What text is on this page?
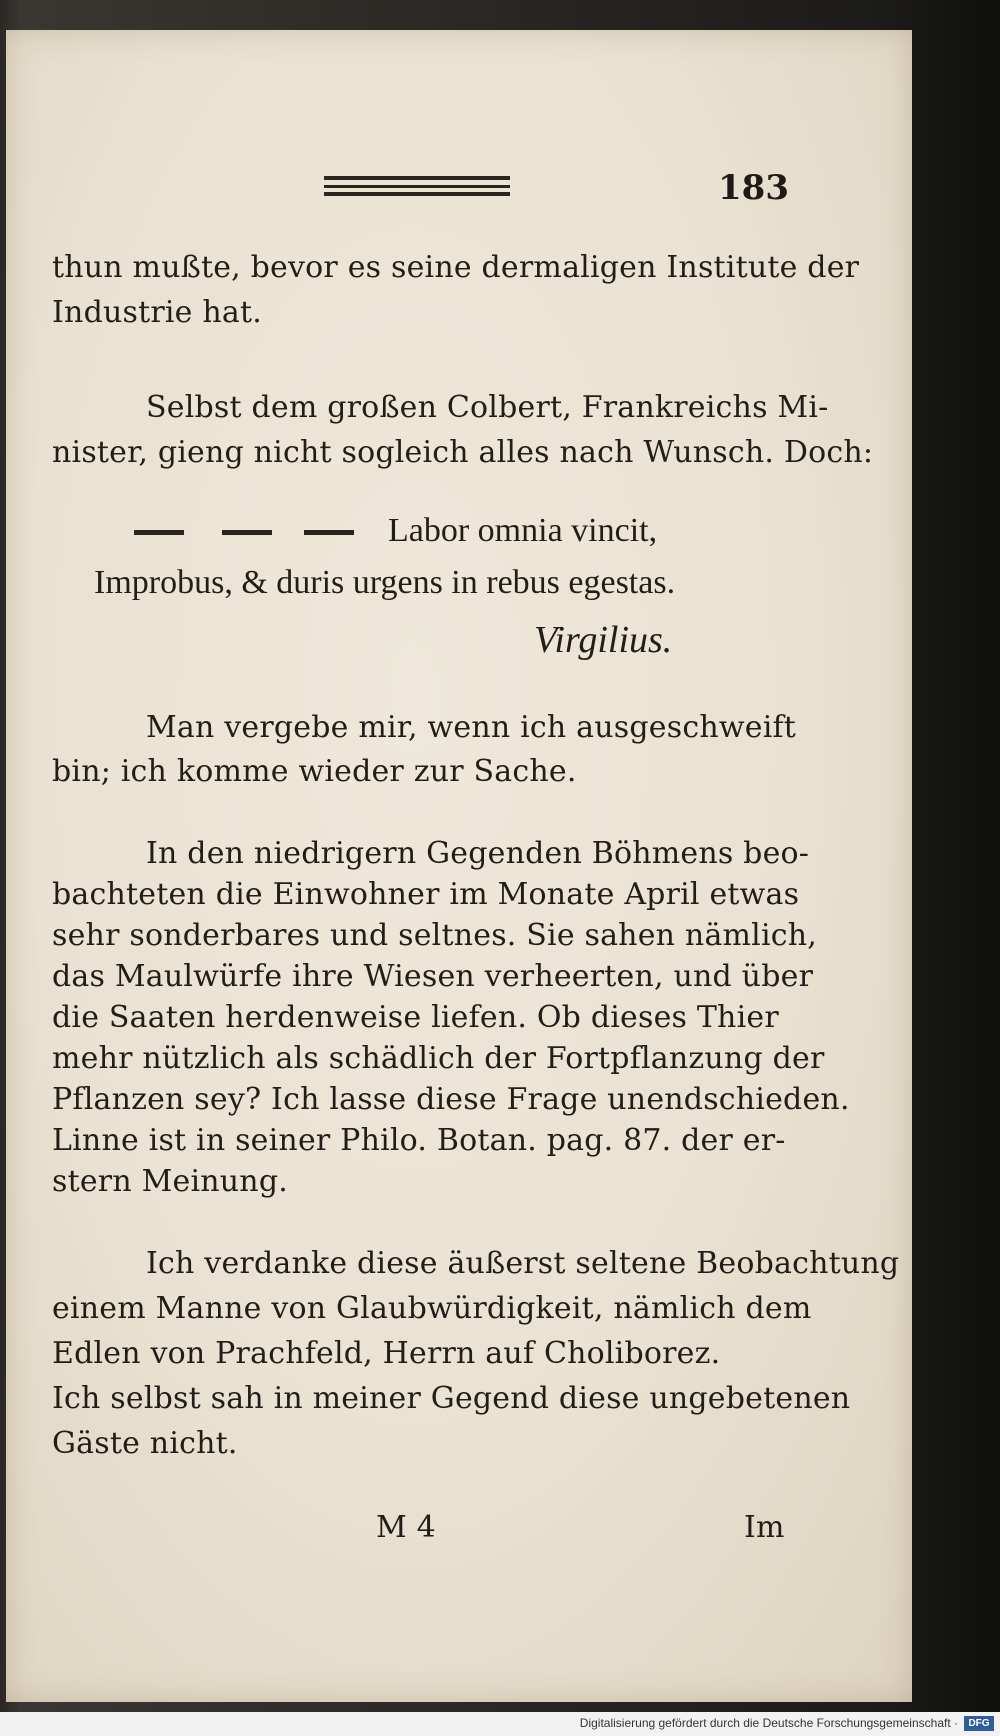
183
thun mußte, bevor es seine dermaligen Institute der
Industrie hat.
Selbst dem großen Colbert, Frankreichs Mi-
nister, gieng nicht sogleich alles nach Wunsch. Doch:
Labor omnia vincit,
Improbus, & duris urgens in rebus egestas.
Virgilius.
Man vergebe mir, wenn ich ausgeschweift
bin; ich komme wieder zur Sache.
In den niedrigern Gegenden Böhmens beo-
bachteten die Einwohner im Monate April etwas
sehr sonderbares und seltnes. Sie sahen nämlich,
das Maulwürfe ihre Wiesen verheerten, und über
die Saaten herdenweise liefen. Ob dieses Thier
mehr nützlich als schädlich der Fortpflanzung der
Pflanzen sey? Ich lasse diese Frage unendschieden.
Linne ist in seiner Philo. Botan. pag. 87. der er-
stern Meinung.
Ich verdanke diese äußerst seltene Beobachtung
einem Manne von Glaubwürdigkeit, nämlich dem
Edlen von Prachfeld, Herrn auf Choliborez.
Ich selbst sah in meiner Gegend diese ungebetenen
Gäste nicht.
M 4	Im
Digitalisierung gefördert durch die Deutsche Forschungsgemeinschaft ·	DFG
